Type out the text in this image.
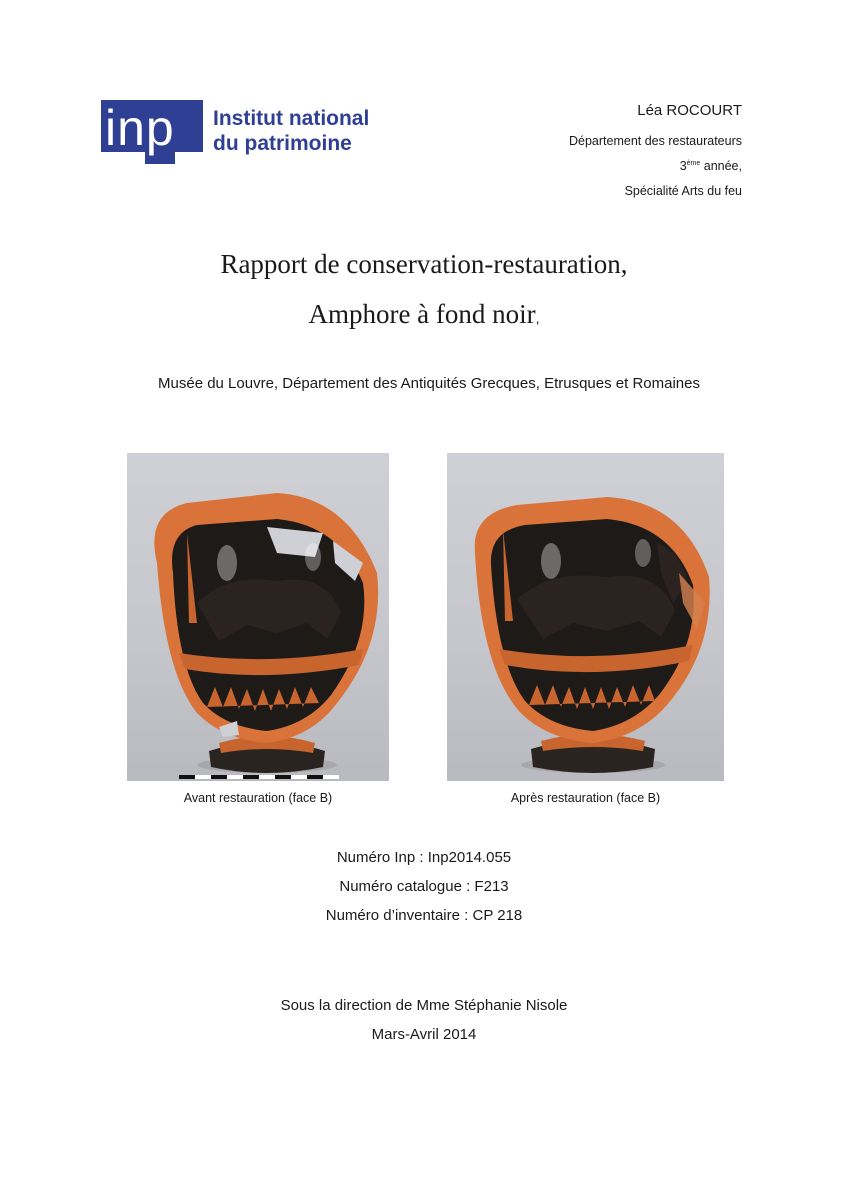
inp Institut national
du patrimoine
Léa ROCOURT
Département des restaurateurs
3ème année,
Spécialité Arts du feu
Rapport de conservation-restauration,
Amphore à fond noir,
Musée du Louvre, Département des Antiquités Grecques, Etrusques et Romaines
Avant restauration (face B)	Après restauration (face B)
Numéro Inp : Inp2014.055
Numéro catalogue : F213
Numéro d’inventaire : CP 218
Sous la direction de Mme Stéphanie Nisole
Mars-Avril 2014
